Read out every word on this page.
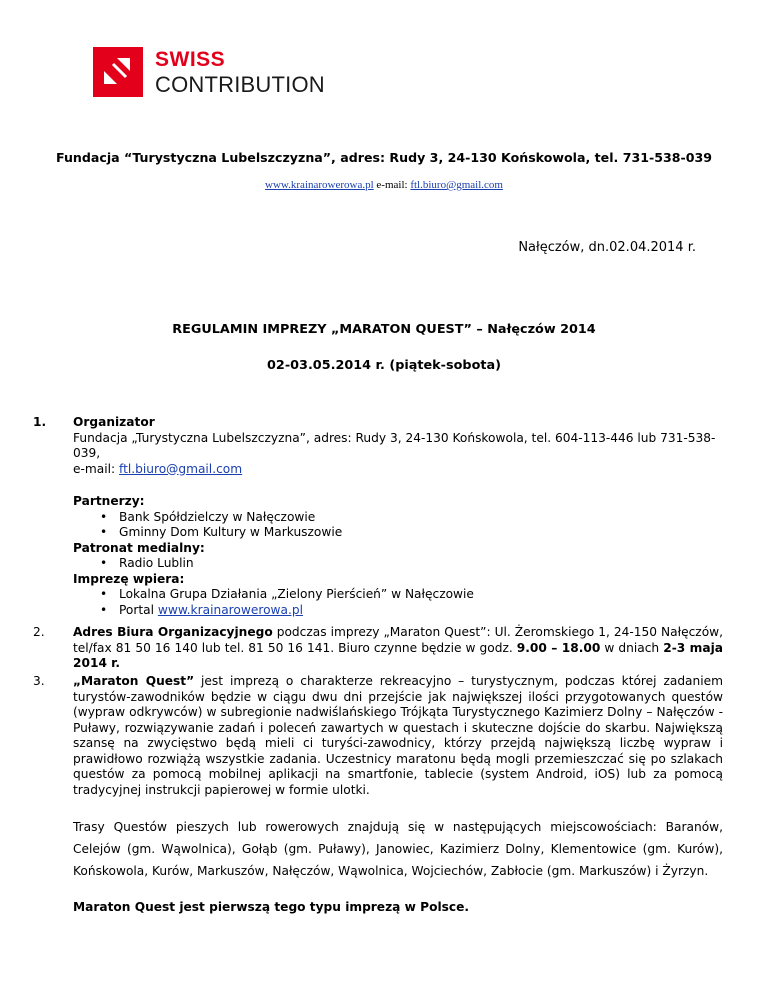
SWISS
CONTRIBUTION
Fundacja “Turystyczna Lubelszczyzna”, adres: Rudy 3, 24-130 Końskowola, tel. 731-538-039
www.krainarowerowa.pl e-mail: ftl.biuro@gmail.com
Nałęczów, dn.02.04.2014 r.
REGULAMIN IMPREZY „MARATON QUEST” – Nałęczów 2014
02-03.05.2014 r. (piątek-sobota)
1.	Organizator

Fundacja „Turystyczna Lubelszczyzna”, adres: Rudy 3, 24-130 Końskowola, tel. 604-113-446 lub 731-538-039,

e-mail: ftl.biuro@gmail.com

Partnerzy:

• Bank Spółdzielczy w Nałęczowie
• Gminny Dom Kultury w Markuszowie

Patronat medialny:

• Radio Lublin

Imprezę wpiera:

• Lokalna Grupa Działania „Zielony Pierścień” w Nałęczowie
• Portal www.krainarowerowa.pl
2.	Adres Biura Organizacyjnego podczas imprezy „Maraton Quest”: Ul. Żeromskiego 1, 24-150 Nałęczów, tel/fax 81 50 16 140 lub tel. 81 50 16 141. Biuro czynne będzie w godz. 9.00 – 18.00 w dniach 2-3 maja 2014 r.

3.	„Maraton Quest” jest imprezą o charakterze rekreacyjno – turystycznym, podczas której zadaniem turystów-zawodników będzie w ciągu dwu dni przejście jak największej ilości przygotowanych questów (wypraw odkrywców) w subregionie nadwiślańskiego Trójkąta Turystycznego Kazimierz Dolny – Nałęczów - Puławy, rozwiązywanie zadań i poleceń zawartych w questach i skuteczne dojście do skarbu. Największą szansę na zwycięstwo będą mieli ci turyści-zawodnicy, którzy przejdą największą liczbę wypraw i prawidłowo rozwiążą wszystkie zadania. Uczestnicy maratonu będą mogli przemieszczać się po szlakach questów za pomocą mobilnej aplikacji na smartfonie, tablecie (system Android, iOS) lub za pomocą tradycyjnej instrukcji papierowej w formie ulotki.

Trasy Questów pieszych lub rowerowych znajdują się w następujących miejscowościach: Baranów, Celejów (gm. Wąwolnica), Gołąb (gm. Puławy), Janowiec, Kazimierz Dolny, Klementowice (gm. Kurów), Końskowola, Kurów, Markuszów, Nałęczów, Wąwolnica, Wojciechów, Zabłocie (gm. Markuszów) i Żyrzyn.

Maraton Quest jest pierwszą tego typu imprezą w Polsce.
